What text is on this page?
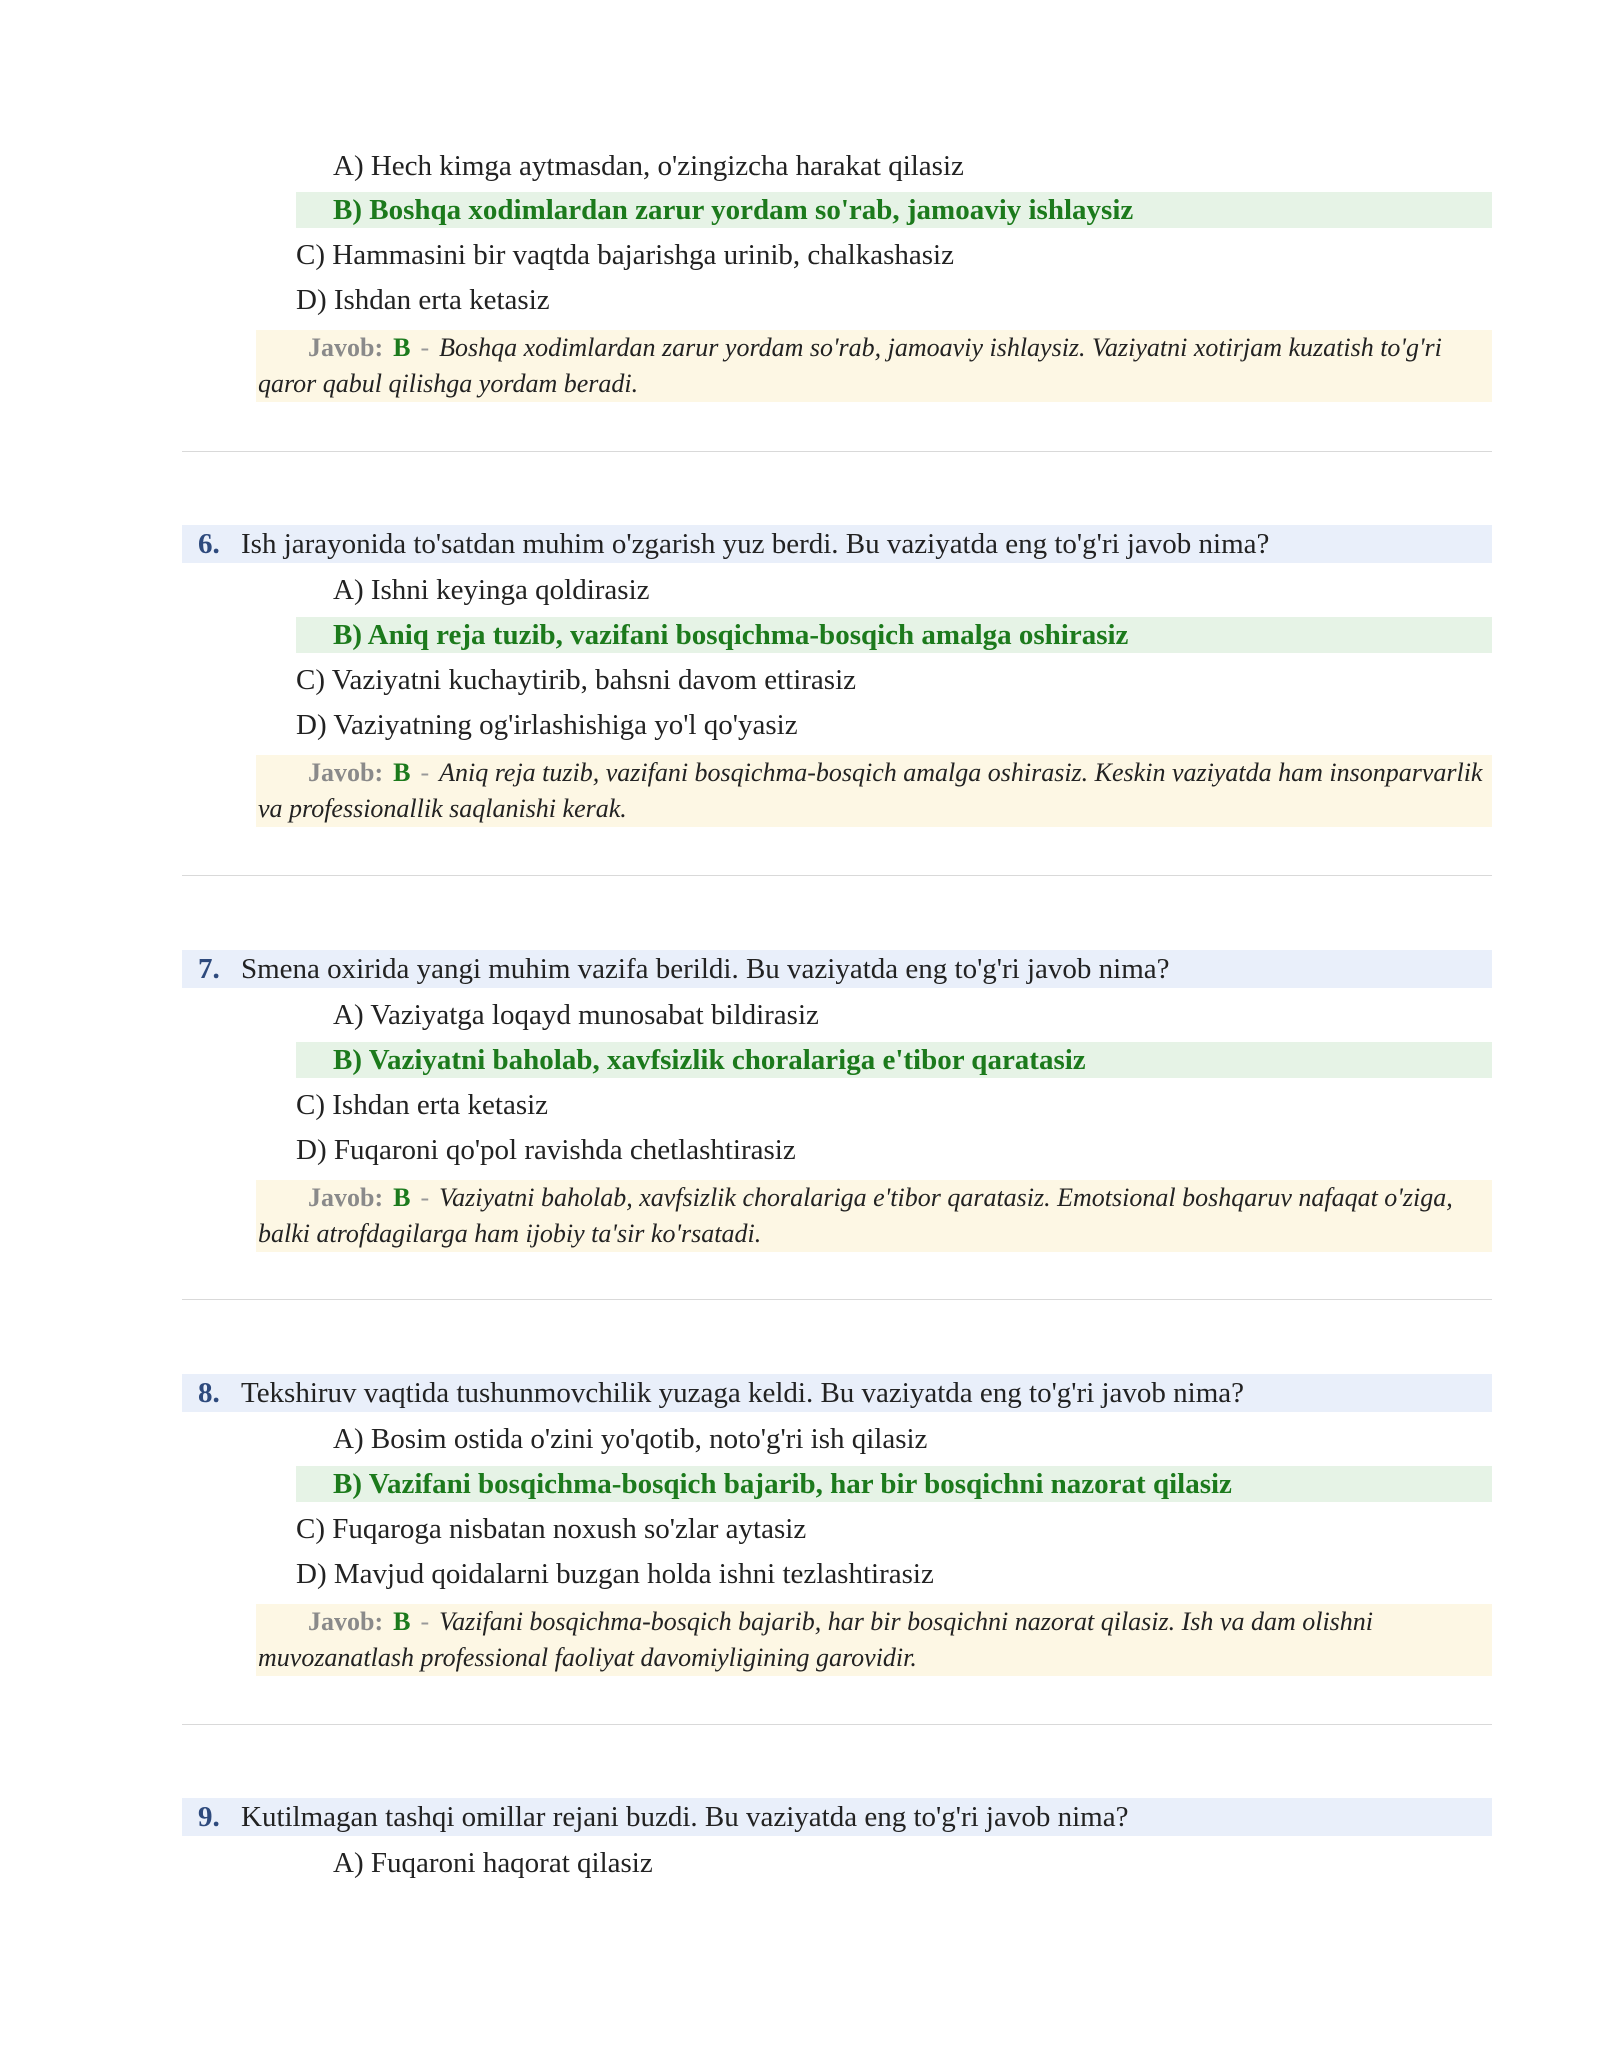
A) Hech kimga aytmasdan, o'zingizcha harakat qilasiz
B) Boshqa xodimlardan zarur yordam so'rab, jamoaviy ishlaysiz
C) Hammasini bir vaqtda bajarishga urinib, chalkashasiz
D) Ishdan erta ketasiz
Javob: B - Boshqa xodimlardan zarur yordam so'rab, jamoaviy ishlaysiz. Vaziyatni xotirjam kuzatish to'g'ri qaror qabul qilishga yordam beradi.
6. Ish jarayonida to'satdan muhim o'zgarish yuz berdi. Bu vaziyatda eng to'g'ri javob nima?
A) Ishni keyinga qoldirasiz
B) Aniq reja tuzib, vazifani bosqichma-bosqich amalga oshirasiz
C) Vaziyatni kuchaytirib, bahsni davom ettirasiz
D) Vaziyatning og'irlashishiga yo'l qo'yasiz
Javob: B - Aniq reja tuzib, vazifani bosqichma-bosqich amalga oshirasiz. Keskin vaziyatda ham insonparvarlik va professionallik saqlanishi kerak.
7. Smena oxirida yangi muhim vazifa berildi. Bu vaziyatda eng to'g'ri javob nima?
A) Vaziyatga loqayd munosabat bildirasiz
B) Vaziyatni baholab, xavfsizlik choralariga e'tibor qaratasiz
C) Ishdan erta ketasiz
D) Fuqaroni qo'pol ravishda chetlashtirasiz
Javob: B - Vaziyatni baholab, xavfsizlik choralariga e'tibor qaratasiz. Emotsional boshqaruv nafaqat o'ziga, balki atrofdagilarga ham ijobiy ta'sir ko'rsatadi.
8. Tekshiruv vaqtida tushunmovchilik yuzaga keldi. Bu vaziyatda eng to'g'ri javob nima?
A) Bosim ostida o'zini yo'qotib, noto'g'ri ish qilasiz
B) Vazifani bosqichma-bosqich bajarib, har bir bosqichni nazorat qilasiz
C) Fuqaroga nisbatan noxush so'zlar aytasiz
D) Mavjud qoidalarni buzgan holda ishni tezlashtirasiz
Javob: B - Vazifani bosqichma-bosqich bajarib, har bir bosqichni nazorat qilasiz. Ish va dam olishni muvozanatlash professional faoliyat davomiyligining garovidir.
9. Kutilmagan tashqi omillar rejani buzdi. Bu vaziyatda eng to'g'ri javob nima?
A) Fuqaroni haqorat qilasiz
